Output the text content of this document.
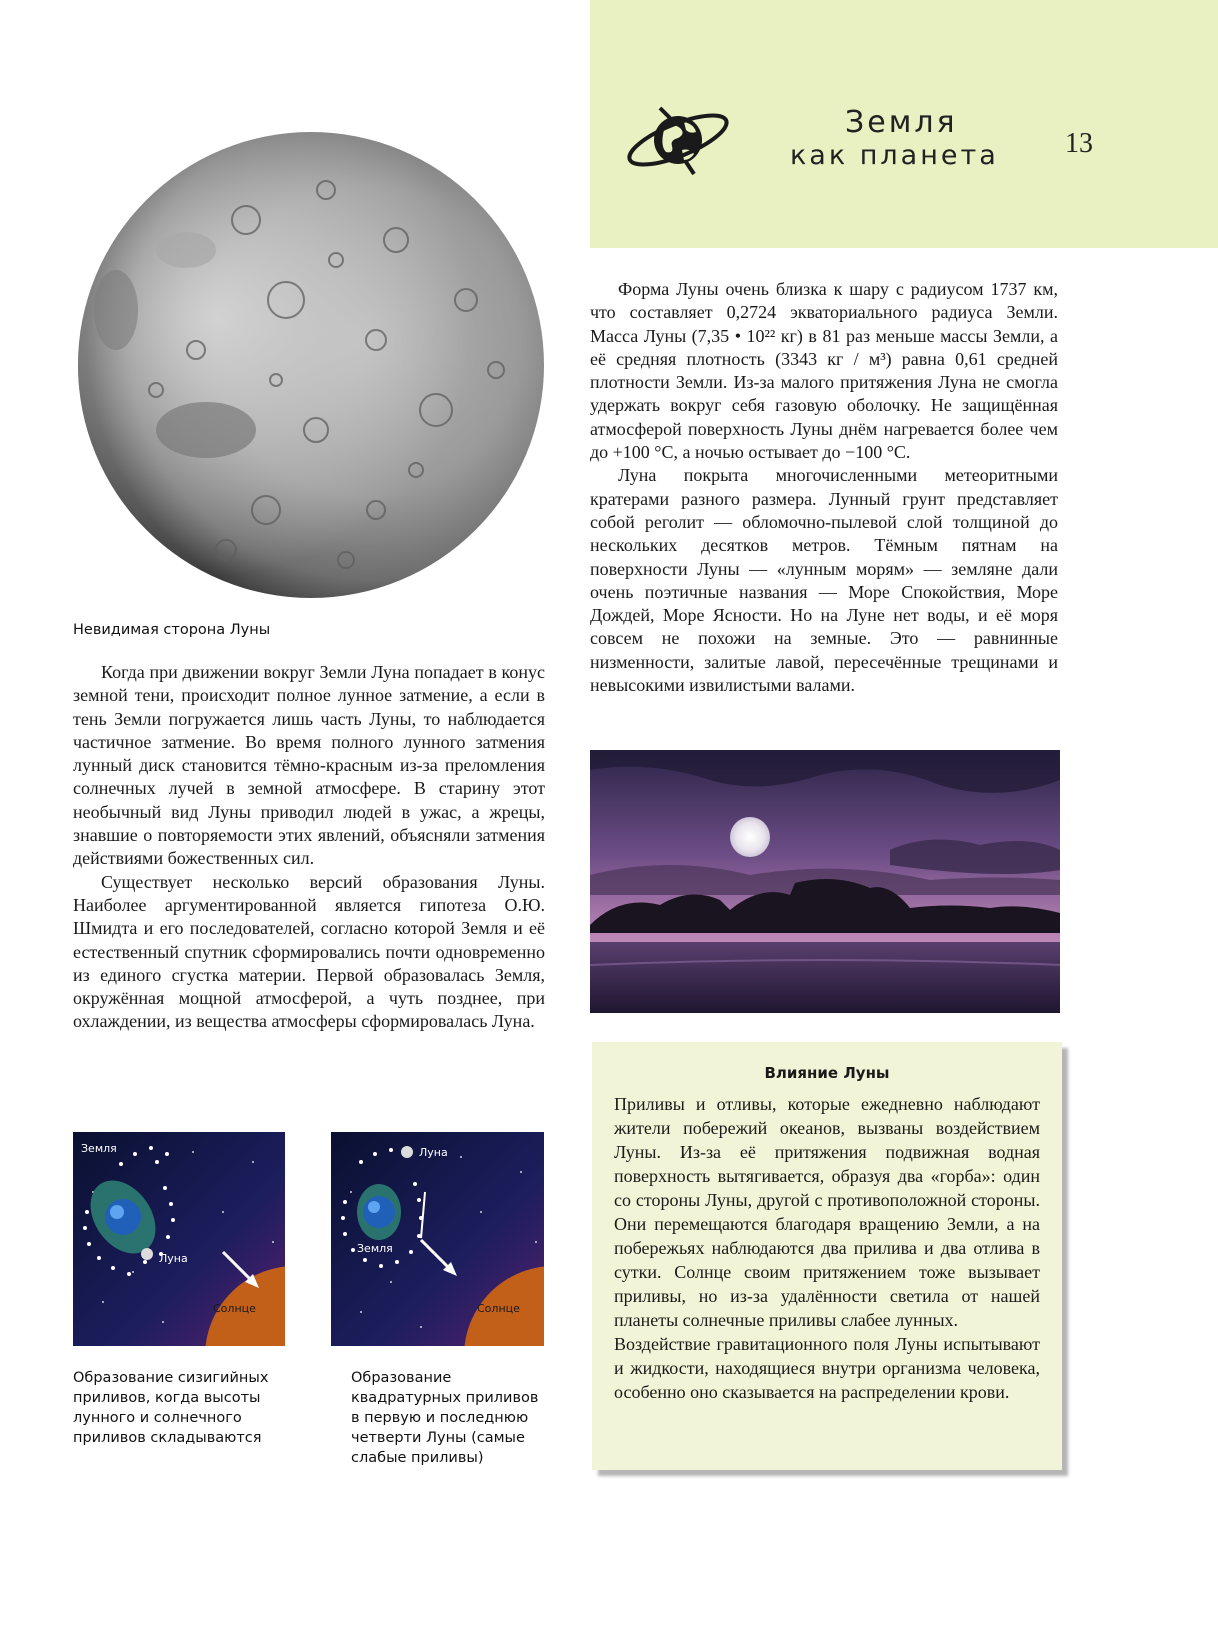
Земля
как планета 13
Невидимая сторона Луны

Когда при движении вокруг Земли Луна попадает в конус земной тени, происходит полное лунное затмение, а если в тень Земли погружается лишь часть Луны, то наблюдается частичное затмение. Во время полного лунного затмения лунный диск становится тёмно-красным из-за преломления солнечных лучей в земной атмосфере. В старину этот необычный вид Луны приводил людей в ужас, а жрецы, знавшие о повторяемости этих явлений, объясняли затмения действиями божественных сил.

Существует несколько версий образования Луны. Наиболее аргументированной является гипотеза О.Ю. Шмидта и его последователей, согласно которой Земля и её естественный спутник сформировались почти одновременно из единого сгустка материи. Первой образовалась Земля, окружённая мощной атмосферой, а чуть позднее, при охлаждении, из вещества атмосферы сформировалась Луна.

Форма Луны очень близка к шару с радиусом 1737 км, что составляет 0,2724 экваториального радиуса Земли. Масса Луны (7,35 • 10²² кг) в 81 раз меньше массы Земли, а её средняя плотность (3343 кг / м³) равна 0,61 средней плотности Земли. Из-за малого притяжения Луна не смогла удержать вокруг себя газовую оболочку. Не защищённая атмосферой поверхность Луны днём нагревается более чем до +100 °С, а ночью остывает до −100 °С.

Луна покрыта многочисленными метеоритными кратерами разного размера. Лунный грунт представляет собой реголит — обломочно-пылевой слой толщиной до нескольких десятков метров. Тёмным пятнам на поверхности Луны — «лунным морям» — земляне дали очень поэтичные названия — Море Спокойствия, Море Дождей, Море Ясности. Но на Луне нет воды, и её моря совсем не похожи на земные. Это — равнинные низменности, залитые лавой, пересечённые трещинами и невысокими извилистыми валами.

Земля
Луна
Солнце
Образование сизигийных приливов, когда высоты лунного и солнечного приливов складываются
Луна
Земля
Солнце
Образование квадратурных приливов в первую и последнюю четверти Луны (самые слабые приливы)
Влияние Луны

Приливы и отливы, которые ежедневно наблюдают жители побережий океанов, вызваны воздействием Луны. Из-за её притяжения подвижная водная поверхность вытягивается, образуя два «горба»: один со стороны Луны, другой с противоположной стороны. Они перемещаются благодаря вращению Земли, а на побережьях наблюдаются два прилива и два отлива в сутки. Солнце своим притяжением тоже вызывает приливы, но из-за удалённости светила от нашей планеты солнечные приливы слабее лунных.

Воздействие гравитационного поля Луны испытывают и жидкости, находящиеся внутри организма человека, особенно оно сказывается на распределении крови.
